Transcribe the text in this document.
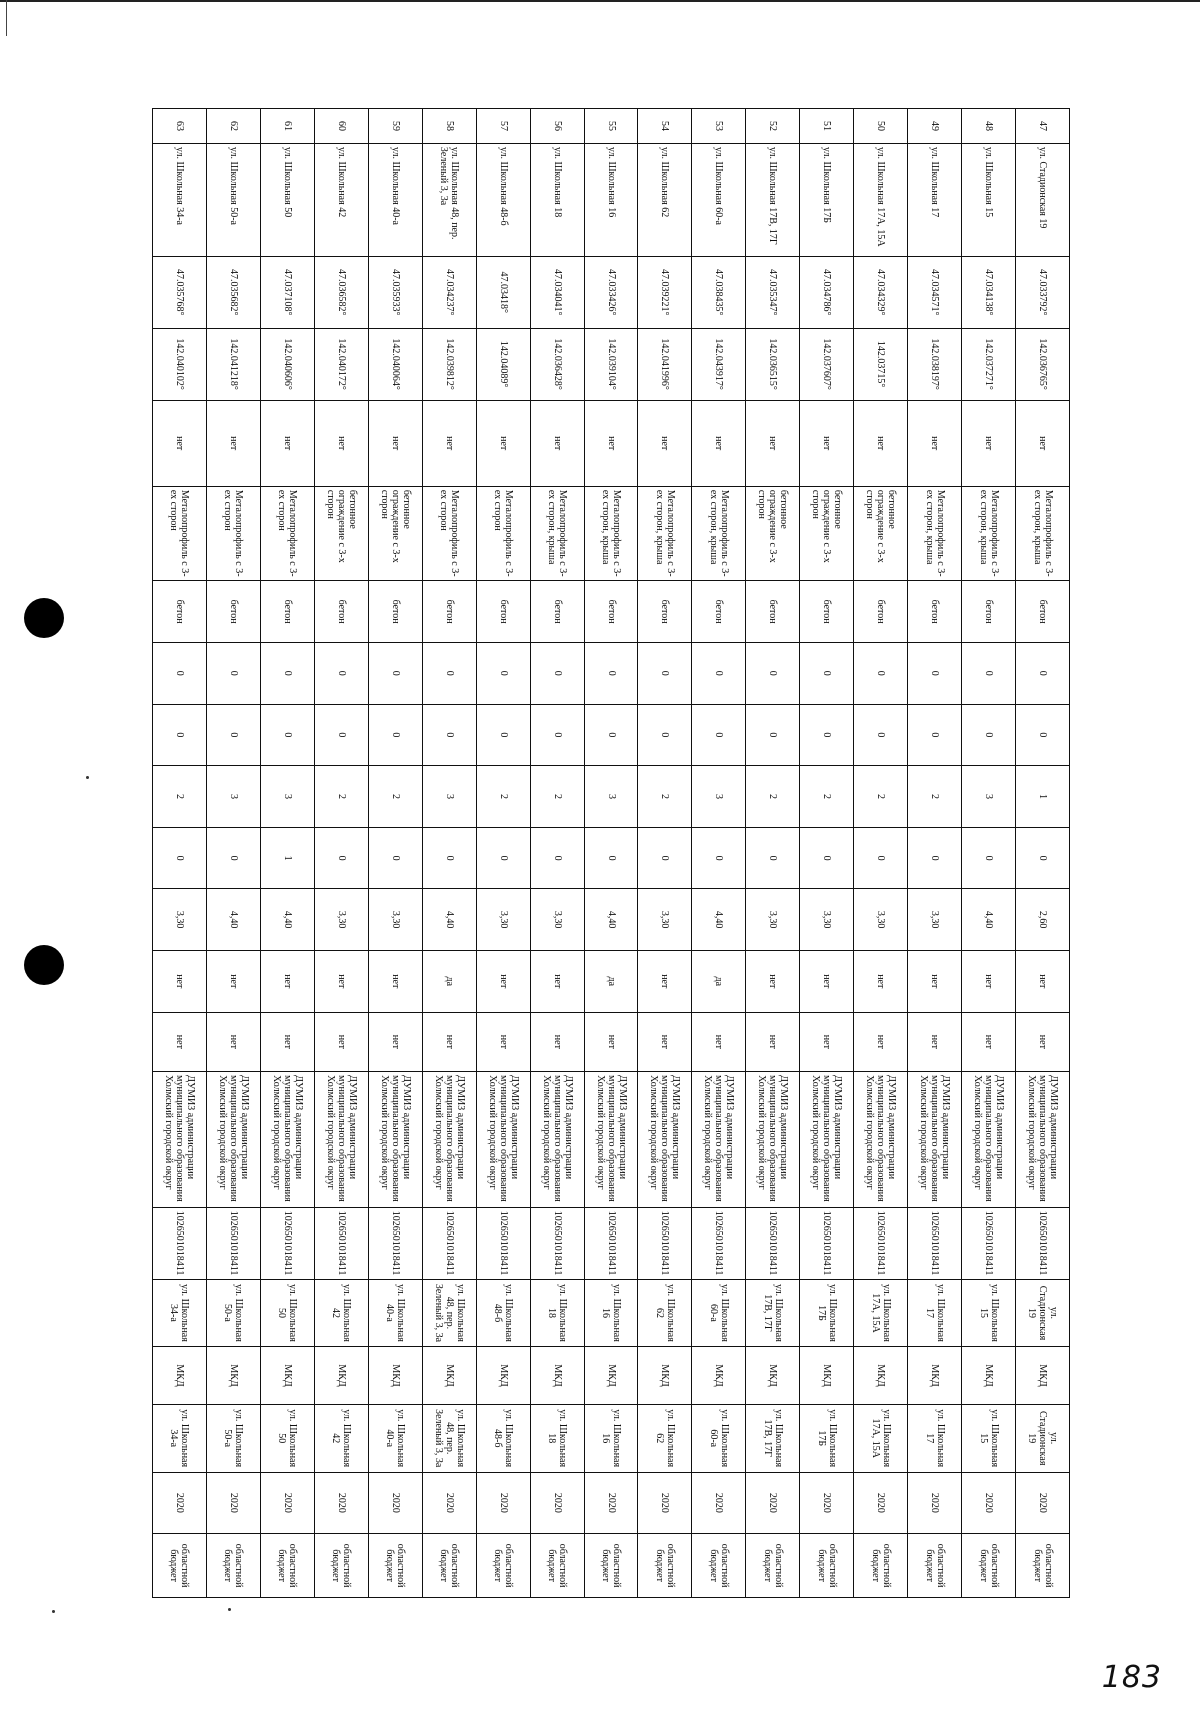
47	ул. Стадионская 19	47.033792°	142.036765°	нет	Металопрофиль с 3-ех сторон, крыша	бетон	0	0	1	0	2,60	нет	нет	ДУМИЗ администрации муниципального образования Холмский городской округ	1026501018411	ул. Стадионская 19	МКД	ул. Стадионская 19	2020	областной бюджет
48	ул. Школьная 15	47.034138°	142.037271°	нет	Металопрофиль с 3-ех сторон, крыша	бетон	0	0	3	0	4,40	нет	нет	ДУМИЗ администрации муниципального образования Холмский городской округ	1026501018411	ул. Школьная 15	МКД	ул. Школьная 15	2020	областной бюджет
49	ул. Школьная 17	47.034571°	142.038197°	нет	Металопрофиль с 3-ех сторон, крыша	бетон	0	0	2	0	3,30	нет	нет	ДУМИЗ администрации муниципального образования Холмский городской округ	1026501018411	ул. Школьная 17	МКД	ул. Школьная 17	2020	областной бюджет
50	ул. Школьная 17А, 15А	47.034329°	142.03715°	нет	бетонное ограждение с 3-х сторон	бетон	0	0	2	0	3,30	нет	нет	ДУМИЗ администрации муниципального образования Холмский городской округ	1026501018411	ул. Школьная 17А, 15А	МКД	ул. Школьная 17А, 15А	2020	областной бюджет
51	ул. Школьная 17Б	47.034786°	142.037607°	нет	бетонное ограждение с 3-х сторон	бетон	0	0	2	0	3,30	нет	нет	ДУМИЗ администрации муниципального образования Холмский городской округ	1026501018411	ул. Школьная 17Б	МКД	ул. Школьная 17Б	2020	областной бюджет
52	ул. Школьная 17В, 17Г	47.035347°	142.036515°	нет	бетонное ограждение с 3-х сторон	бетон	0	0	2	0	3,30	нет	нет	ДУМИЗ администрации муниципального образования Холмский городской округ	1026501018411	ул. Школьная 17В, 17Г	МКД	ул. Школьная 17В, 17Г	2020	областной бюджет
53	ул. Школьная 60-а	47.038435°	142.043917°	нет	Металопрофиль с 3-ех сторон, крыша	бетон	0	0	3	0	4,40	да	нет	ДУМИЗ администрации муниципального образования Холмский городской округ	1026501018411	ул. Школьная 60-а	МКД	ул. Школьная 60-а	2020	областной бюджет
54	ул. Школьная 62	47.039221°	142.041996°	нет	Металопрофиль с 3-ех сторон, крыша	бетон	0	0	2	0	3,30	нет	нет	ДУМИЗ администрации муниципального образования Холмский городской округ	1026501018411	ул. Школьная 62	МКД	ул. Школьная 62	2020	областной бюджет
55	ул. Школьная 16	47.033426°	142.039104°	нет	Металопрофиль с 3-ех сторон, крыша	бетон	0	0	3	0	4,40	да	нет	ДУМИЗ администрации муниципального образования Холмский городской округ	1026501018411	ул. Школьная 16	МКД	ул. Школьная 16	2020	областной бюджет
56	ул. Школьная 18	47.034041°	142.036428°	нет	Металопрофиль с 3-ех сторон, крыша	бетон	0	0	2	0	3,30	нет	нет	ДУМИЗ администрации муниципального образования Холмский городской округ	1026501018411	ул. Школьная 18	МКД	ул. Школьная 18	2020	областной бюджет
57	ул. Школьная 48-б	47.03418°	142.04089°	нет	Металопрофиль с 3-ех сторон	бетон	0	0	2	0	3,30	нет	нет	ДУМИЗ администрации муниципального образования Холмский городской округ	1026501018411	ул. Школьная 48-б	МКД	ул. Школьная 48-б	2020	областной бюджет
58	ул. Школьная 48, пер. Зеленый 3, 3а	47.034237°	142.039812°	нет	Металопрофиль с 3-ех сторон	бетон	0	0	3	0	4,40	да	нет	ДУМИЗ администрации муниципального образования Холмский городской округ	1026501018411	ул. Школьная 48, пер. Зеленый 3, 3а	МКД	ул. Школьная 48, пер. Зеленый 3, 3а	2020	областной бюджет
59	ул. Школьная 40-а	47.035933°	142.040064°	нет	бетонное ограждение с 3-х сторон	бетон	0	0	2	0	3,30	нет	нет	ДУМИЗ администрации муниципального образования Холмский городской округ	1026501018411	ул. Школьная 40-а	МКД	ул. Школьная 40-а	2020	областной бюджет
60	ул. Школьная 42	47.036582°	142.040172°	нет	бетонное ограждение с 3-х сторон	бетон	0	0	2	0	3,30	нет	нет	ДУМИЗ администрации муниципального образования Холмский городской округ	1026501018411	ул. Школьная 42	МКД	ул. Школьная 42	2020	областной бюджет
61	ул. Школьная 50	47.037108°	142.040606°	нет	Металопрофиль с 3-ех сторон	бетон	0	0	3	1	4,40	нет	нет	ДУМИЗ администрации муниципального образования Холмский городской округ	1026501018411	ул. Школьная 50	МКД	ул. Школьная 50	2020	областной бюджет
62	ул. Школьная 50-а	47.035682°	142.041218°	нет	Металопрофиль с 3-ех сторон	бетон	0	0	3	0	4,40	нет	нет	ДУМИЗ администрации муниципального образования Холмский городской округ	1026501018411	ул. Школьная 50-а	МКД	ул. Школьная 50-а	2020	областной бюджет
63	ул. Школьная 34-а	47.035768°	142.040102°	нет	Металопрофиль с 3-ех сторон	бетон	0	0	2	0	3,30	нет	нет	ДУМИЗ администрации муниципального образования Холмский городской округ	1026501018411	ул. Школьная 34-а	МКД	ул. Школьная 34-а	2020	областной бюджет
183
